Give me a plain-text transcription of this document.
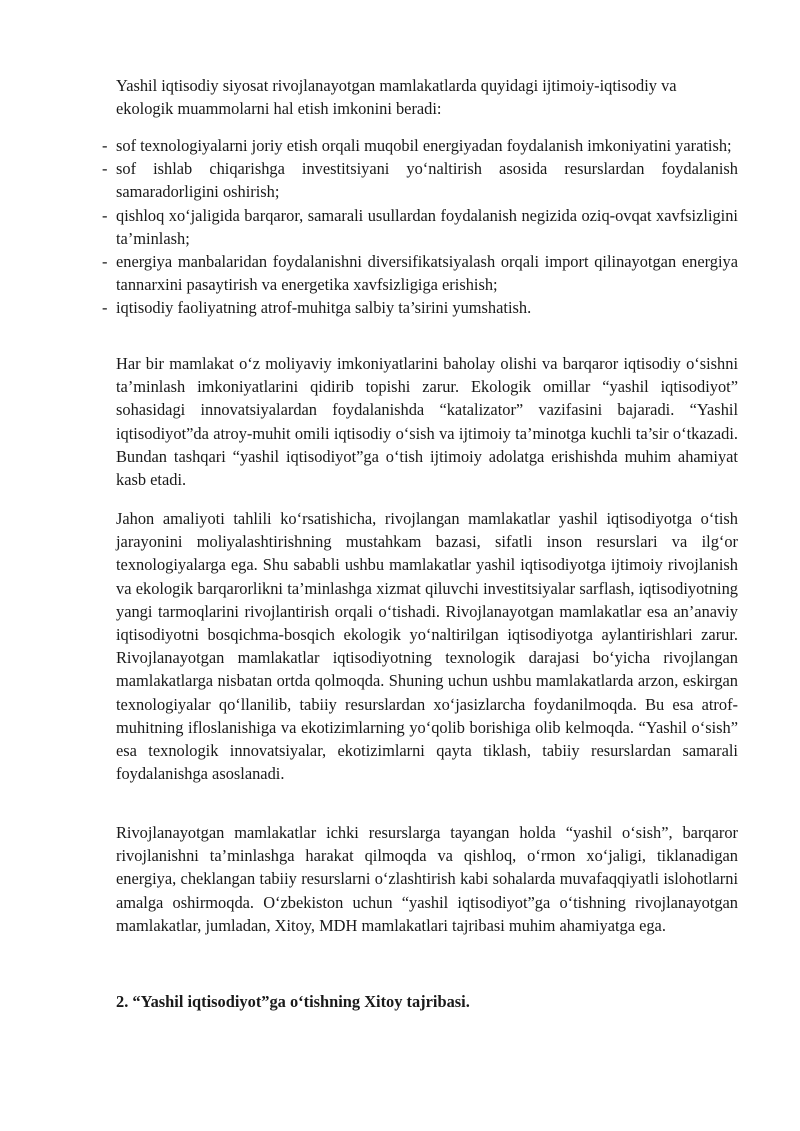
Yashil iqtisodiy siyosat rivojlanayotgan mamlakatlarda quyidagi ijtimoiy-iqtisodiy va ekologik muammolarni hal etish imkonini beradi:

- sof texnologiyalarni joriy etish orqali muqobil energiyadan foydalanish imkoniyatini yaratish;
- sof ishlab chiqarishga investitsiyani yo‘naltirish asosida resurslardan foydalanish samaradorligini oshirish;
- qishloq xo‘jaligida barqaror, samarali usullardan foydalanish negizida oziq-ovqat xavfsizligini ta’minlash;
- energiya manbalaridan foydalanishni diversifikatsiyalash orqali import qilinayotgan energiya tannarxini pasaytirish va energetika xavfsizligiga erishish;
- iqtisodiy faoliyatning atrof-muhitga salbiy ta’sirini yumshatish.

Har bir mamlakat o‘z moliyaviy imkoniyatlarini baholay olishi va barqaror iqtisodiy o‘sishni ta’minlash imkoniyatlarini qidirib topishi zarur. Ekologik omillar “yashil iqtisodiyot” sohasidagi innovatsiyalardan foydalanishda “katalizator” vazifasini bajaradi. “Yashil iqtisodiyot”da atroy-muhit omili iqtisodiy o‘sish va ijtimoiy ta’minotga kuchli ta’sir o‘tkazadi. Bundan tashqari “yashil iqtisodiyot”ga o‘tish ijtimoiy adolatga erishishda muhim ahamiyat kasb etadi.

Jahon amaliyoti tahlili ko‘rsatishicha, rivojlangan mamlakatlar yashil iqtisodiyotga o‘tish jarayonini moliyalashtirishning mustahkam bazasi, sifatli inson resurslari va ilg‘or texnologiyalarga ega. Shu sababli ushbu mamlakatlar yashil iqtisodiyotga ijtimoiy rivojlanish va ekologik barqarorlikni ta’minlashga xizmat qiluvchi investitsiyalar sarflash, iqtisodiyotning yangi tarmoqlarini rivojlantirish orqali o‘tishadi. Rivojlanayotgan mamlakatlar esa an’anaviy iqtisodiyotni bosqichma-bosqich ekologik yo‘naltirilgan iqtisodiyotga aylantirishlari zarur. Rivojlanayotgan mamlakatlar iqtisodiyotning texnologik darajasi bo‘yicha rivojlangan mamlakatlarga nisbatan ortda qolmoqda. Shuning uchun ushbu mamlakatlarda arzon, eskirgan texnologiyalar qo‘llanilib, tabiiy resurslardan xo‘jasizlarcha foydanilmoqda. Bu esa atrof-muhitning ifloslanishiga va ekotizimlarning yo‘qolib borishiga olib kelmoqda. “Yashil o‘sish” esa texnologik innovatsiyalar, ekotizimlarni qayta tiklash, tabiiy resurslardan samarali foydalanishga asoslanadi.

Rivojlanayotgan mamlakatlar ichki resurslarga tayangan holda “yashil o‘sish”, barqaror rivojlanishni ta’minlashga harakat qilmoqda va qishloq, o‘rmon xo‘jaligi, tiklanadigan energiya, cheklangan tabiiy resurslarni o‘zlashtirish kabi sohalarda muvafaqqiyatli islohotlarni amalga oshirmoqda. O‘zbekiston uchun “yashil iqtisodiyot”ga o‘tishning rivojlanayotgan mamlakatlar, jumladan, Xitoy, MDH mamlakatlari tajribasi muhim ahamiyatga ega.

2. “Yashil iqtisodiyot”ga o‘tishning Xitoy tajribasi.
